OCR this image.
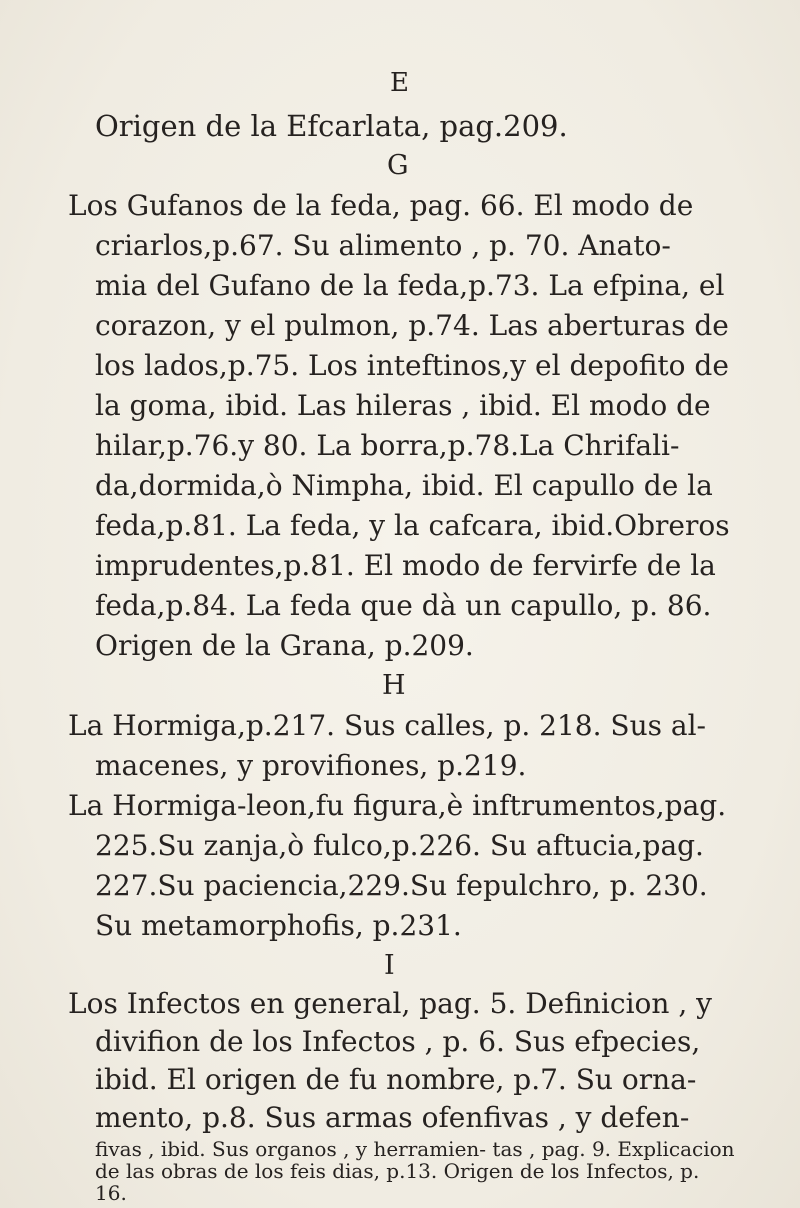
E
Origen de la Efcarlata, pag.209.
G
Los Gufanos de la feda, pag. 66. El modo de
criarlos,p.67. Su alimento , p. 70. Anato-
mia del Gufano de la feda,p.73. La efpina, el
corazon, y el pulmon, p.74. Las aberturas de
los lados,p.75. Los inteftinos,y el depofito de
la goma, ibid. Las hileras , ibid. El modo de
hilar,p.76.y 80. La borra,p.78.La Chrifali-
da,dormida,ò Nimpha, ibid. El capullo de la
feda,p.81. La feda, y la cafcara, ibid.Obreros
imprudentes,p.81. El modo de fervirfe de la
feda,p.84. La feda que dà un capullo, p. 86.
Origen de la Grana, p.209.
H
La Hormiga,p.217. Sus calles, p. 218. Sus al-
macenes, y provifiones, p.219.
La Hormiga-leon,fu figura,è inftrumentos,pag.
225.Su zanja,ò fulco,p.226. Su aftucia,pag.
227.Su paciencia,229.Su fepulchro, p. 230.
Su metamorphofis, p.231.
I
Los Infectos en general, pag. 5. Definicion , y
divifion de los Infectos , p. 6. Sus efpecies,
ibid. El origen de fu nombre, p.7. Su orna-
mento, p.8. Sus armas ofenfivas , y defen-
fivas , ibid. Sus organos , y herramien- tas , pag. 9. Explicacion de las obras de los feis dias, p.13. Origen de los Infectos, p. 16.
